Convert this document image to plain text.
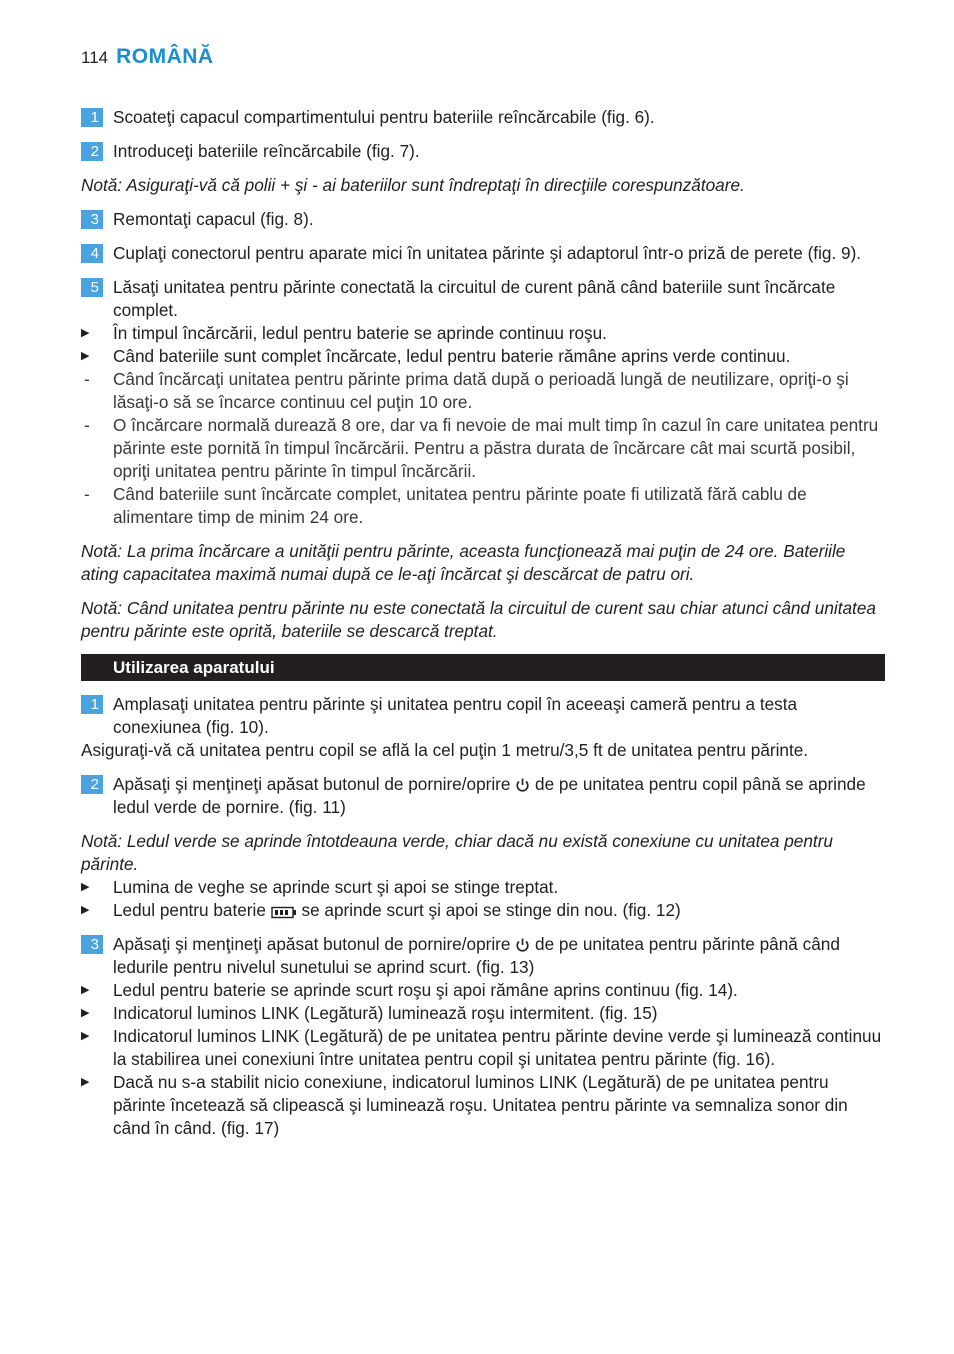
114 ROMÂNĂ
1 Scoateţi capacul compartimentului pentru bateriile reîncărcabile (fig. 6).
2 Introduceţi bateriile reîncărcabile (fig. 7).
Notă: Asiguraţi-vă că polii + şi - ai bateriilor sunt îndreptaţi în direcţiile corespunzătoare.
3 Remontaţi capacul (fig. 8).
4 Cuplaţi conectorul pentru aparate mici în unitatea părinte şi adaptorul într-o priză de perete (fig. 9).
5 Lăsaţi unitatea pentru părinte conectată la circuitul de curent până când bateriile sunt încărcate complet.
▶ În timpul încărcării, ledul pentru baterie se aprinde continuu roşu.
▶ Când bateriile sunt complet încărcate, ledul pentru baterie rămâne aprins verde continuu.
- Când încărcaţi unitatea pentru părinte prima dată după o perioadă lungă de neutilizare, opriţi-o şi lăsaţi-o să se încarce continuu cel puţin 10 ore.
- O încărcare normală durează 8 ore, dar va fi nevoie de mai mult timp în cazul în care unitatea pentru părinte este pornită în timpul încărcării. Pentru a păstra durata de încărcare cât mai scurtă posibil, opriţi unitatea pentru părinte în timpul încărcării.
- Când bateriile sunt încărcate complet, unitatea pentru părinte poate fi utilizată fără cablu de alimentare timp de minim 24 ore.
Notă: La prima încărcare a unităţii pentru părinte, aceasta funcţionează mai puţin de 24 ore. Bateriile ating capacitatea maximă numai după ce le-aţi încărcat şi descărcat de patru ori.
Notă: Când unitatea pentru părinte nu este conectată la circuitul de curent sau chiar atunci când unitatea pentru părinte este oprită, bateriile se descarcă treptat.
Utilizarea aparatului
1 Amplasaţi unitatea pentru părinte şi unitatea pentru copil în aceeaşi cameră pentru a testa conexiunea (fig. 10).
Asiguraţi-vă că unitatea pentru copil se află la cel puţin 1 metru/3,5 ft de unitatea pentru părinte.
2 Apăsaţi şi menţineţi apăsat butonul de pornire/oprire de pe unitatea pentru copil până se aprinde ledul verde de pornire. (fig. 11)
Notă: Ledul verde se aprinde întotdeauna verde, chiar dacă nu există conexiune cu unitatea pentru părinte.
▶ Lumina de veghe se aprinde scurt şi apoi se stinge treptat.
▶ Ledul pentru baterie se aprinde scurt şi apoi se stinge din nou. (fig. 12)
3 Apăsaţi şi menţineţi apăsat butonul de pornire/oprire de pe unitatea pentru părinte până când ledurile pentru nivelul sunetului se aprind scurt. (fig. 13)
▶ Ledul pentru baterie se aprinde scurt roşu şi apoi rămâne aprins continuu (fig. 14).
▶ Indicatorul luminos LINK (Legătură) luminează roşu intermitent. (fig. 15)
▶ Indicatorul luminos LINK (Legătură) de pe unitatea pentru părinte devine verde şi luminează continuu la stabilirea unei conexiuni între unitatea pentru copil şi unitatea pentru părinte (fig. 16).
▶ Dacă nu s-a stabilit nicio conexiune, indicatorul luminos LINK (Legătură) de pe unitatea pentru părinte încetează să clipească şi luminează roşu. Unitatea pentru părinte va semnaliza sonor din când în când. (fig. 17)
